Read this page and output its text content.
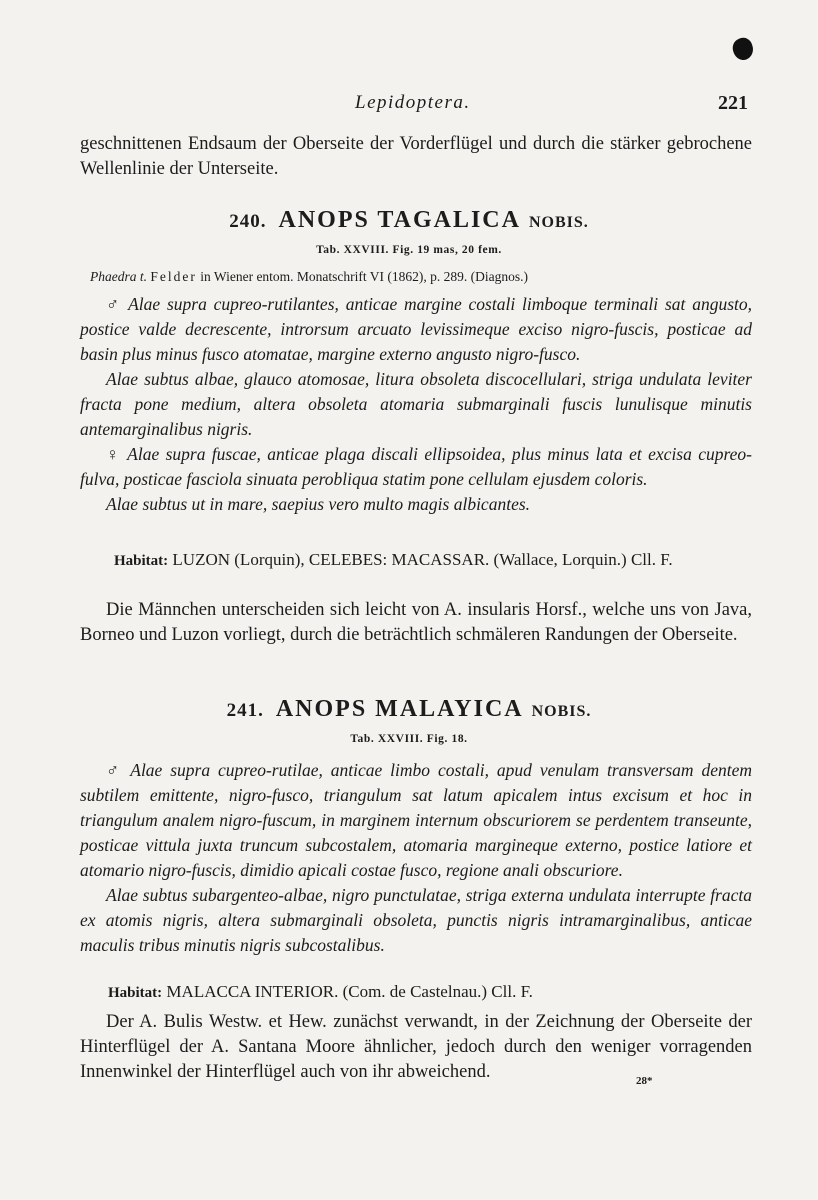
Lepidoptera.	221

geschnittenen Endsaum der Oberseite der Vorderflügel und durch die stärker gebrochene Wellenlinie der Unterseite.

240. ANOPS TAGALICA NOBIS.
Tab. XXVIII. Fig. 19 mas, 20 fem.
Phaedra t. Felder in Wiener entom. Monatschrift VI (1862), p. 289. (Diagnos.)

♂ Alae supra cupreo-rutilantes, anticae margine costali limboque terminali sat angusto, postice valde decrescente, introrsum arcuato levissimeque exciso nigro-fuscis, posticae ad basin plus minus fusco atomatae, margine externo angusto nigro-fusco.

Alae subtus albae, glauco atomosae, litura obsoleta discocellulari, striga undulata leviter fracta pone medium, altera obsoleta atomaria submarginali fuscis lunulisque minutis antemarginalibus nigris.

♀ Alae supra fuscae, anticae plaga discali ellipsoidea, plus minus lata et excisa cupreo-fulva, posticae fasciola sinuata perobliqua statim pone cellulam ejusdem coloris.

Alae subtus ut in mare, saepius vero multo magis albicantes.

Habitat: LUZON (Lorquin), CELEBES: MACASSAR. (Wallace, Lorquin.) Cll. F.

Die Männchen unterscheiden sich leicht von A. insularis Horsf., welche uns von Java, Borneo und Luzon vorliegt, durch die beträchtlich schmäleren Randungen der Oberseite.

241. ANOPS MALAYICA NOBIS.
Tab. XXVIII. Fig. 18.

♂ Alae supra cupreo-rutilae, anticae limbo costali, apud venulam transversam dentem subtilem emittente, nigro-fusco, triangulum sat latum apicalem intus excisum et hoc in triangulum analem nigro-fuscum, in marginem internum obscuriorem se perdentem transeunte, posticae vittula juxta truncum subcostalem, atomaria margineque externo, postice latiore et atomario nigro-fuscis, dimidio apicali costae fusco, regione anali obscuriore.

Alae subtus subargenteo-albae, nigro punctulatae, striga externa undulata interrupte fracta ex atomis nigris, altera submarginali obsoleta, punctis nigris intramarginalibus, anticae maculis tribus minutis nigris subcostalibus.

Habitat: MALACCA INTERIOR. (Com. de Castelnau.) Cll. F.

Der A. Bulis Westw. et Hew. zunächst verwandt, in der Zeichnung der Oberseite der Hinterflügel der A. Santana Moore ähnlicher, jedoch durch den weniger vorragenden Innenwinkel der Hinterflügel auch von ihr abweichend.	28*
